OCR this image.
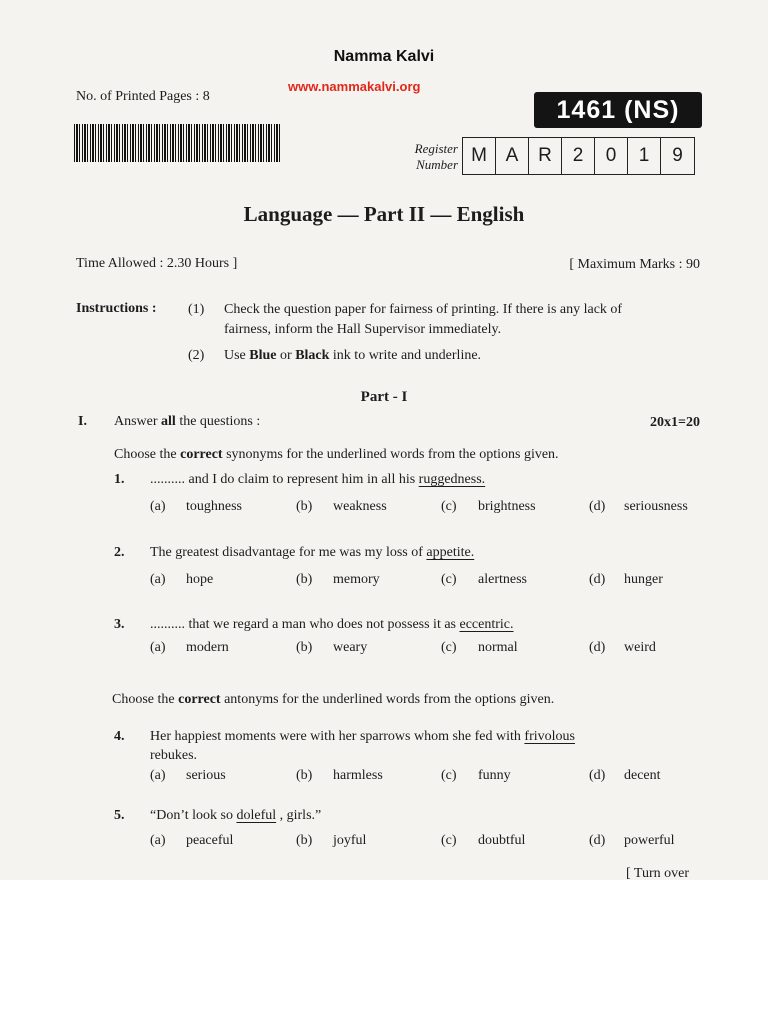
Namma Kalvi
www.nammakalvi.org
No. of Printed Pages : 8	1461 (NS)
Register
Number M A	R	2	0	1	9
Language — Part II — English
Time Allowed : 2.30 Hours ]	[ Maximum Marks : 90
Instructions : (1) Check the question paper for fairness of printing. If there is any lack of
fairness, inform the Hall Supervisor immediately.
(2) Use Blue or Black ink to write and underline.
Part - I
I. Answer all the questions :	20x1=20
Choose the correct synonyms for the underlined words from the options given.
1. .......... and I do claim to represent him in all his ruggedness.
(a) toughness	(b) weakness	(c) brightness	(d) seriousness
2. The greatest disadvantage for me was my loss of appetite.
(a) hope	(b) memory	(c) alertness	(d) hunger
3. .......... that we regard a man who does not possess it as eccentric.
(a) modern	(b) weary	(c) normal	(d) weird
Choose the correct antonyms for the underlined words from the options given.
4. Her happiest moments were with her sparrows whom she fed with frivolous
rebukes.
(a) serious	(b) harmless	(c) funny	(d) decent
5. “Don’t look so doleful , girls.”
(a) peaceful	(b) joyful	(c) doubtful	(d) powerful
[ Turn over
